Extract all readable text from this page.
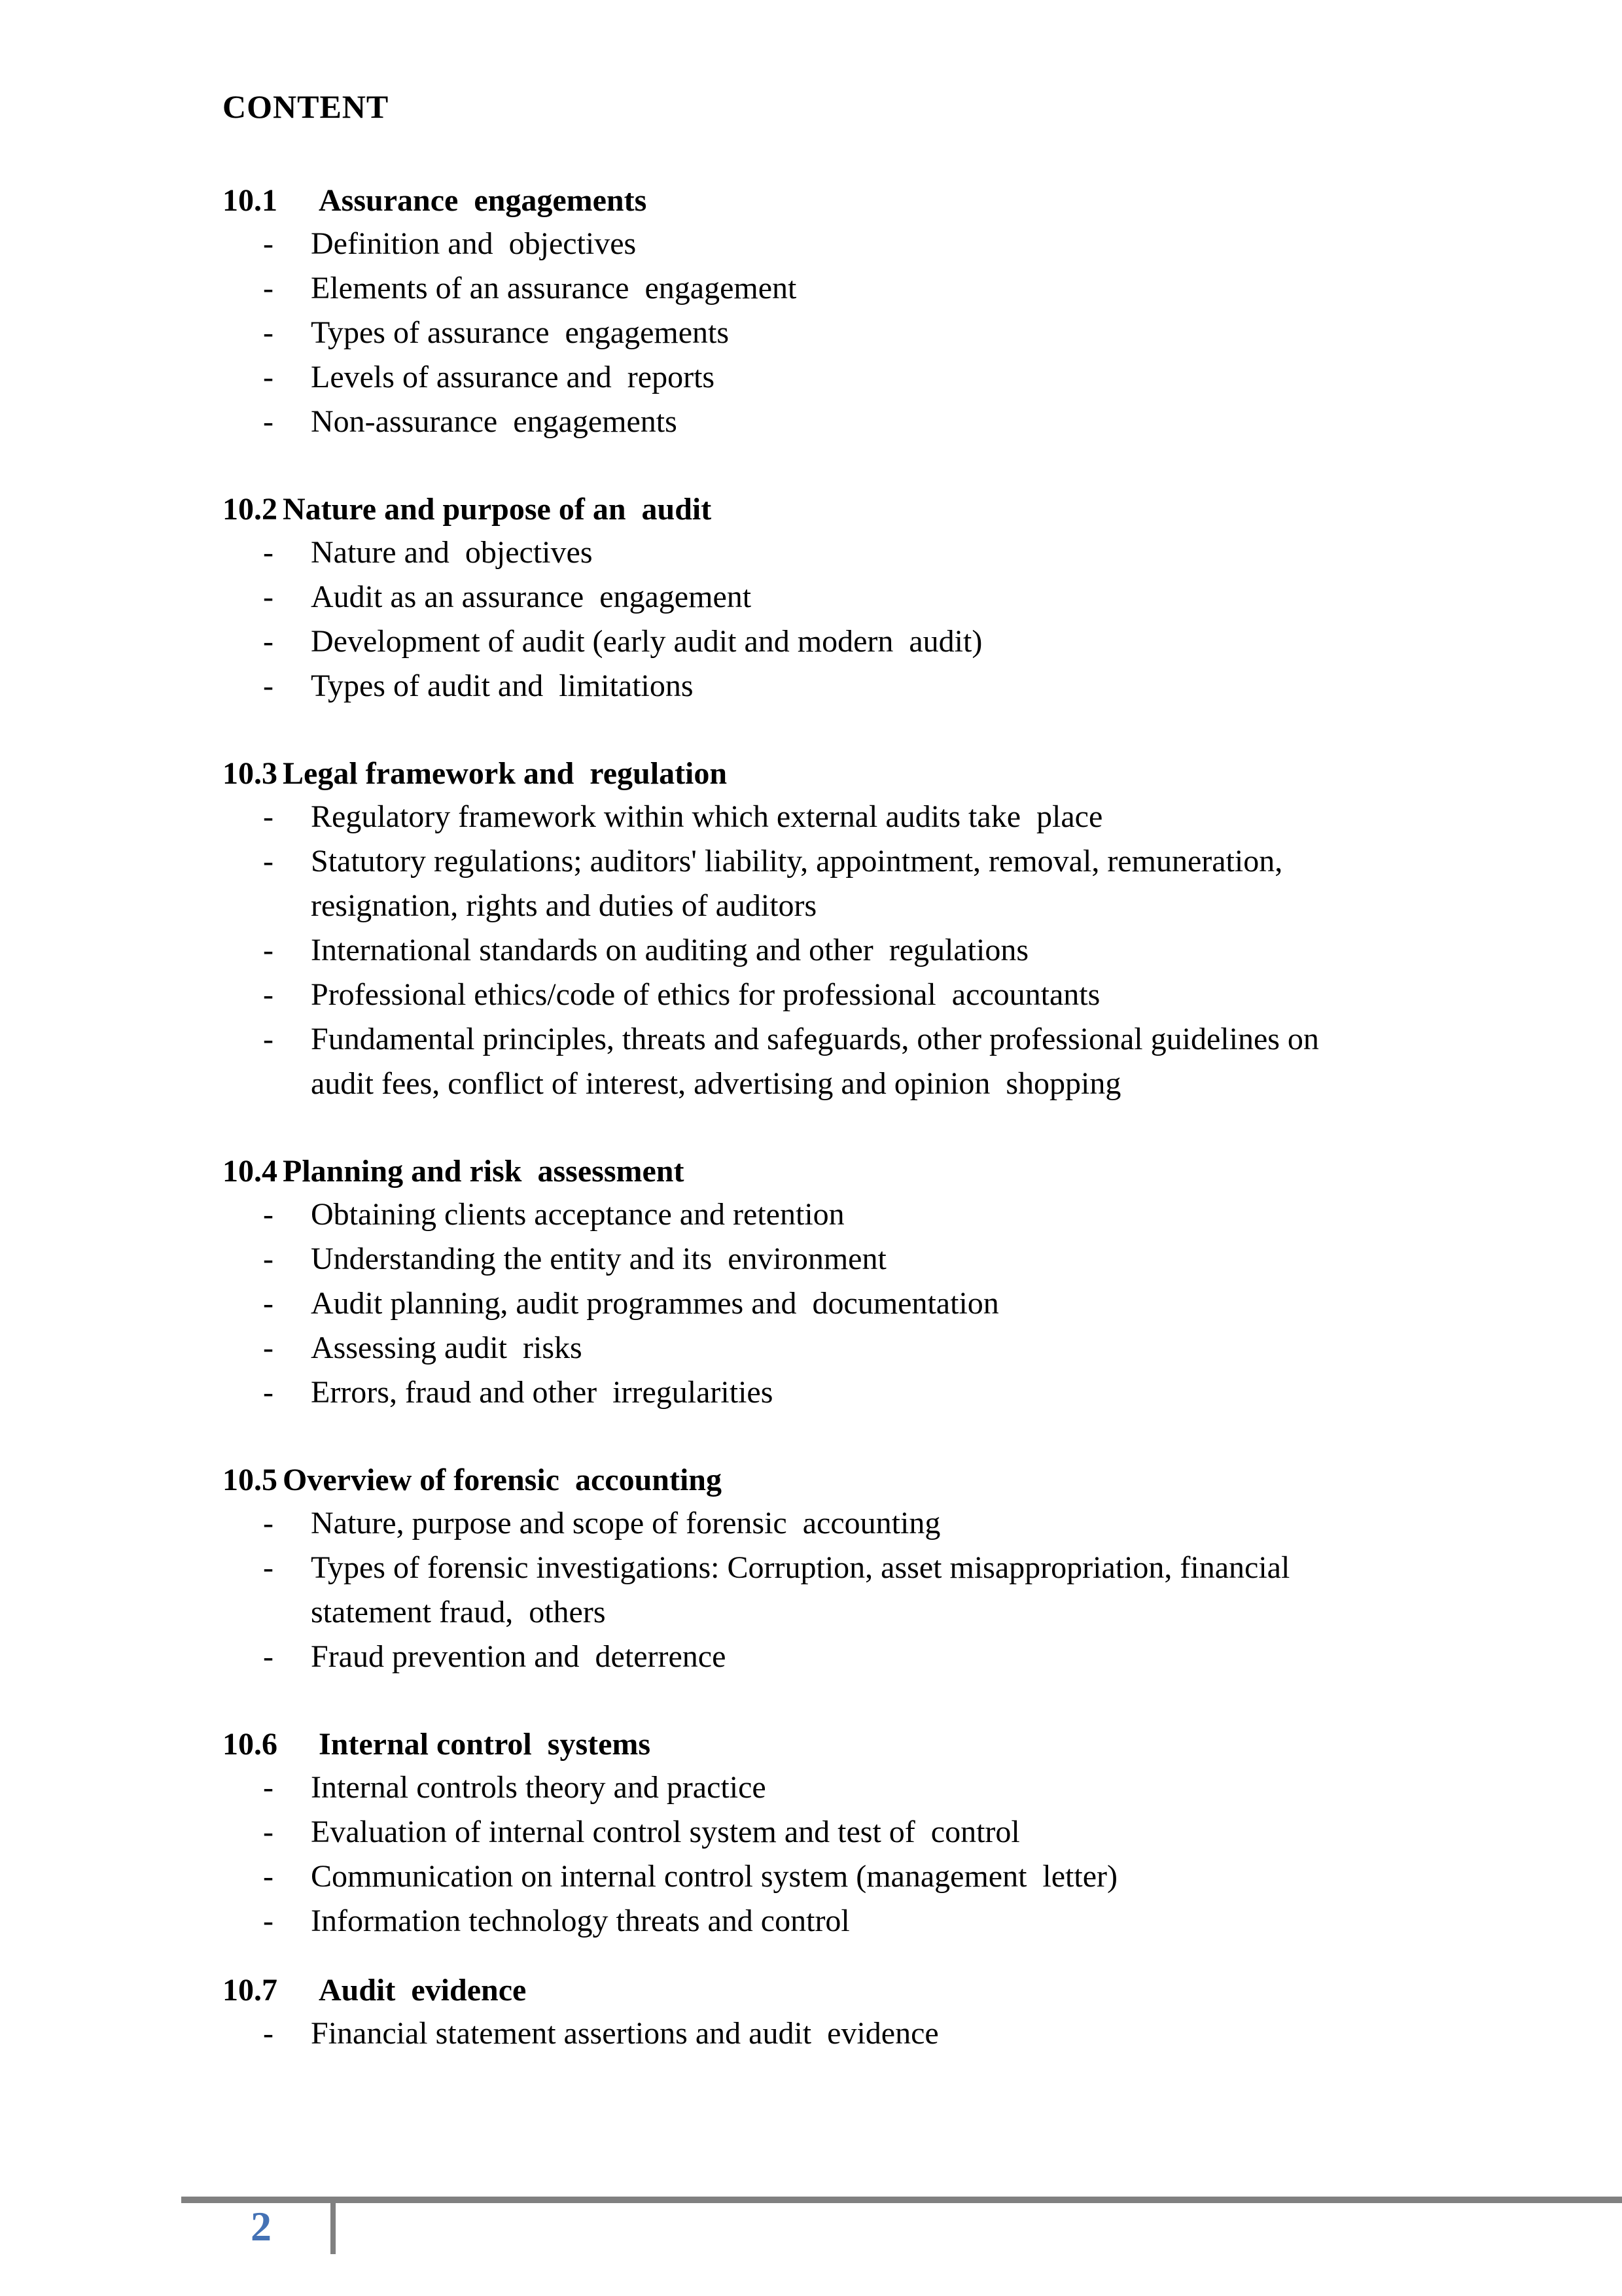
CONTENT
10.1 Assurance  engagements
- Definition and  objectives
- Elements of an assurance  engagement
- Types of assurance  engagements
- Levels of assurance and  reports
- Non-assurance  engagements
10.2 Nature and purpose of an  audit
- Nature and  objectives
- Audit as an assurance  engagement
- Development of audit (early audit and modern  audit)
- Types of audit and  limitations
10.3 Legal framework and  regulation
- Regulatory framework within which external audits take  place
- Statutory regulations; auditors' liability, appointment, removal, remuneration,
resignation, rights and duties of auditors
- International standards on auditing and other  regulations
- Professional ethics/code of ethics for professional  accountants
- Fundamental principles, threats and safeguards, other professional guidelines on
audit fees, conflict of interest, advertising and opinion  shopping
10.4 Planning and risk  assessment
- Obtaining clients acceptance and retention
- Understanding the entity and its  environment
- Audit planning, audit programmes and  documentation
- Assessing audit  risks
- Errors, fraud and other  irregularities
10.5 Overview of forensic  accounting
- Nature, purpose and scope of forensic  accounting
- Types of forensic investigations: Corruption, asset misappropriation, financial
statement fraud,  others
- Fraud prevention and  deterrence
10.6 Internal control  systems
- Internal controls theory and practice
- Evaluation of internal control system and test of  control
- Communication on internal control system (management  letter)
- Information technology threats and control
10.7 Audit  evidence
- Financial statement assertions and audit  evidence
2
